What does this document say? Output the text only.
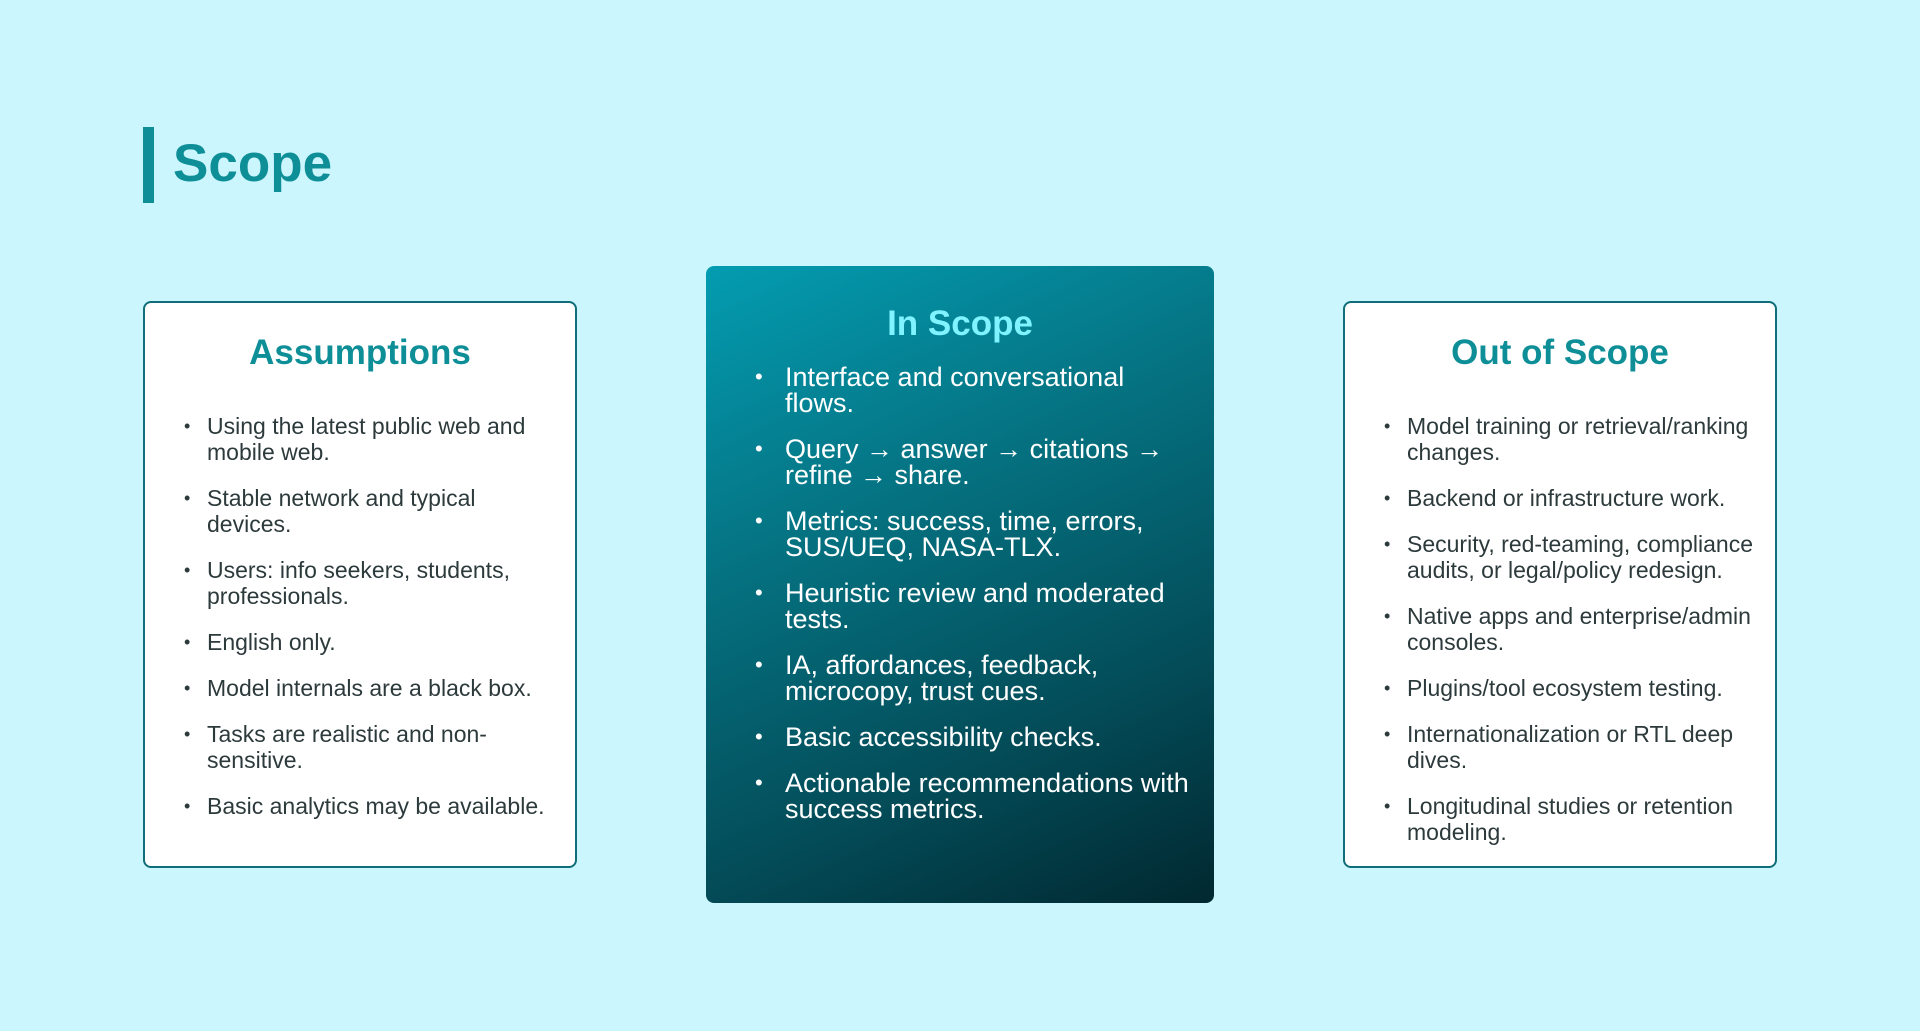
Scope
Assumptions
• Using the latest public web and mobile web.
• Stable network and typical devices.
• Users: info seekers, students, professionals.
• English only.
• Model internals are a black box.
• Tasks are realistic and non-sensitive.
• Basic analytics may be available.
In Scope
• Interface and conversational flows.
• Query → answer → citations → refine → share.
• Metrics: success, time, errors, SUS/UEQ, NASA-TLX.
• Heuristic review and moderated tests.
• IA, affordances, feedback, microcopy, trust cues.
• Basic accessibility checks.
• Actionable recommendations with success metrics.
Out of Scope
• Model training or retrieval/ranking changes.
• Backend or infrastructure work.
• Security, red-teaming, compliance audits, or legal/policy redesign.
• Native apps and enterprise/admin consoles.
• Plugins/tool ecosystem testing.
• Internationalization or RTL deep dives.
• Longitudinal studies or retention modeling.
